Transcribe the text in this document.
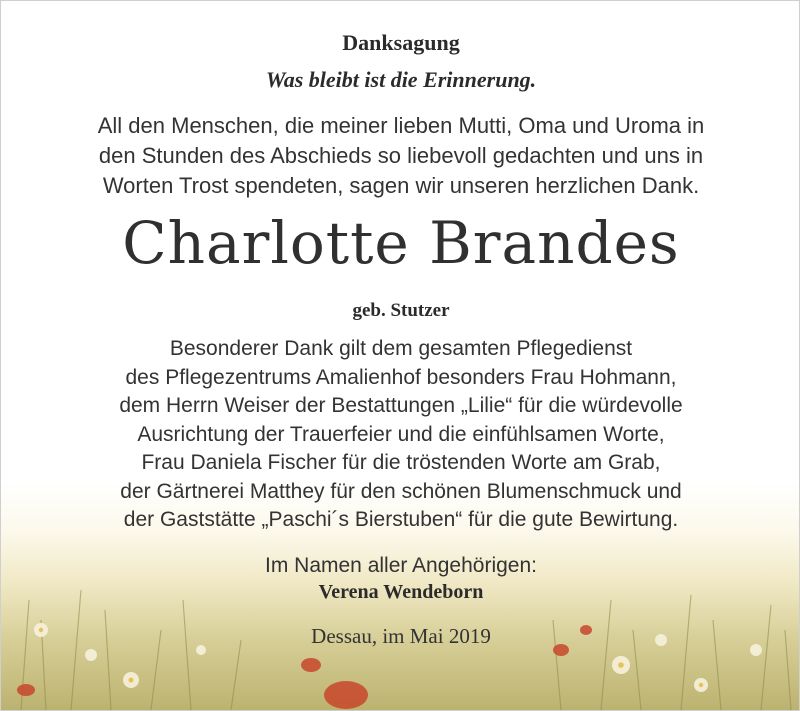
Danksagung
Was bleibt ist die Erinnerung.
All den Menschen, die meiner lieben Mutti, Oma und Uroma in
den Stunden des Abschieds so liebevoll gedachten und uns in
Worten Trost spendeten, sagen wir unseren herzlichen Dank.
Charlotte Brandes
geb. Stutzer
Besonderer Dank gilt dem gesamten Pflegedienst
des Pflegezentrums Amalienhof besonders Frau Hohmann,
dem Herrn Weiser der Bestattungen „Lilie“ für die würdevolle
Ausrichtung der Trauerfeier und die einfühlsamen Worte,
Frau Daniela Fischer für die tröstenden Worte am Grab,
der Gärtnerei Matthey für den schönen Blumenschmuck und
der Gaststätte „Paschi´s Bierstuben“ für die gute Bewirtung.
Im Namen aller Angehörigen:
Verena Wendeborn
Dessau, im Mai 2019
